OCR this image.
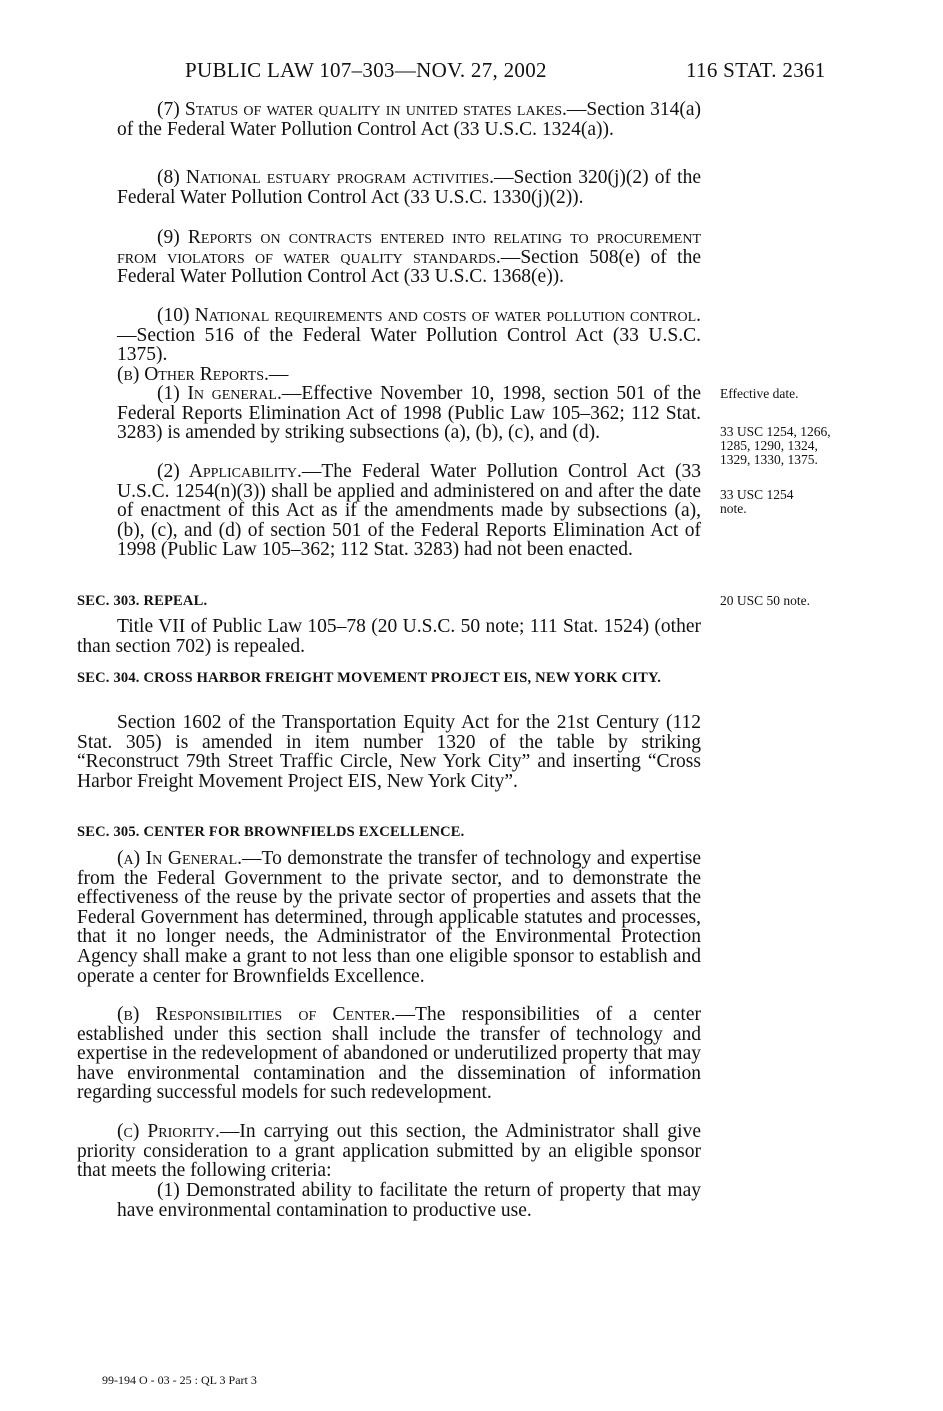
PUBLIC LAW 107–303—NOV. 27, 2002	116 STAT. 2361

(7) Status of water quality in united states lakes.—Section 314(a) of the Federal Water Pollution Control Act (33 U.S.C. 1324(a)).

(8) National estuary program activities.—Section 320(j)(2) of the Federal Water Pollution Control Act (33 U.S.C. 1330(j)(2)).

(9) Reports on contracts entered into relating to procurement from violators of water quality standards.—Section 508(e) of the Federal Water Pollution Control Act (33 U.S.C. 1368(e)).

(10) National requirements and costs of water pollution control.—Section 516 of the Federal Water Pollution Control Act (33 U.S.C. 1375).

(b) Other Reports.—

(1) In general.—Effective November 10, 1998, section 501 of the Federal Reports Elimination Act of 1998 (Public Law 105–362; 112 Stat. 3283) is amended by striking subsections (a), (b), (c), and (d).

(2) Applicability.—The Federal Water Pollution Control Act (33 U.S.C. 1254(n)(3)) shall be applied and administered on and after the date of enactment of this Act as if the amendments made by subsections (a), (b), (c), and (d) of section 501 of the Federal Reports Elimination Act of 1998 (Public Law 105–362; 112 Stat. 3283) had not been enacted.

SEC. 303. REPEAL.

Title VII of Public Law 105–78 (20 U.S.C. 50 note; 111 Stat. 1524) (other than section 702) is repealed.

SEC. 304. CROSS HARBOR FREIGHT MOVEMENT PROJECT EIS, NEW YORK CITY.

Section 1602 of the Transportation Equity Act for the 21st Century (112 Stat. 305) is amended in item number 1320 of the table by striking “Reconstruct 79th Street Traffic Circle, New York City” and inserting “Cross Harbor Freight Movement Project EIS, New York City”.

SEC. 305. CENTER FOR BROWNFIELDS EXCELLENCE.

(a) In General.—To demonstrate the transfer of technology and expertise from the Federal Government to the private sector, and to demonstrate the effectiveness of the reuse by the private sector of properties and assets that the Federal Government has determined, through applicable statutes and processes, that it no longer needs, the Administrator of the Environmental Protection Agency shall make a grant to not less than one eligible sponsor to establish and operate a center for Brownfields Excellence.

(b) Responsibilities of Center.—The responsibilities of a center established under this section shall include the transfer of technology and expertise in the redevelopment of abandoned or underutilized property that may have environmental contamination and the dissemination of information regarding successful models for such redevelopment.

(c) Priority.—In carrying out this section, the Administrator shall give priority consideration to a grant application submitted by an eligible sponsor that meets the following criteria:

(1) Demonstrated ability to facilitate the return of property that may have environmental contamination to productive use.

Effective date.
33 USC 1254, 1266, 1285, 1290, 1324, 1329, 1330, 1375.
33 USC 1254 note.
20 USC 50 note.
99-194 O - 03 - 25 : QL 3 Part 3
